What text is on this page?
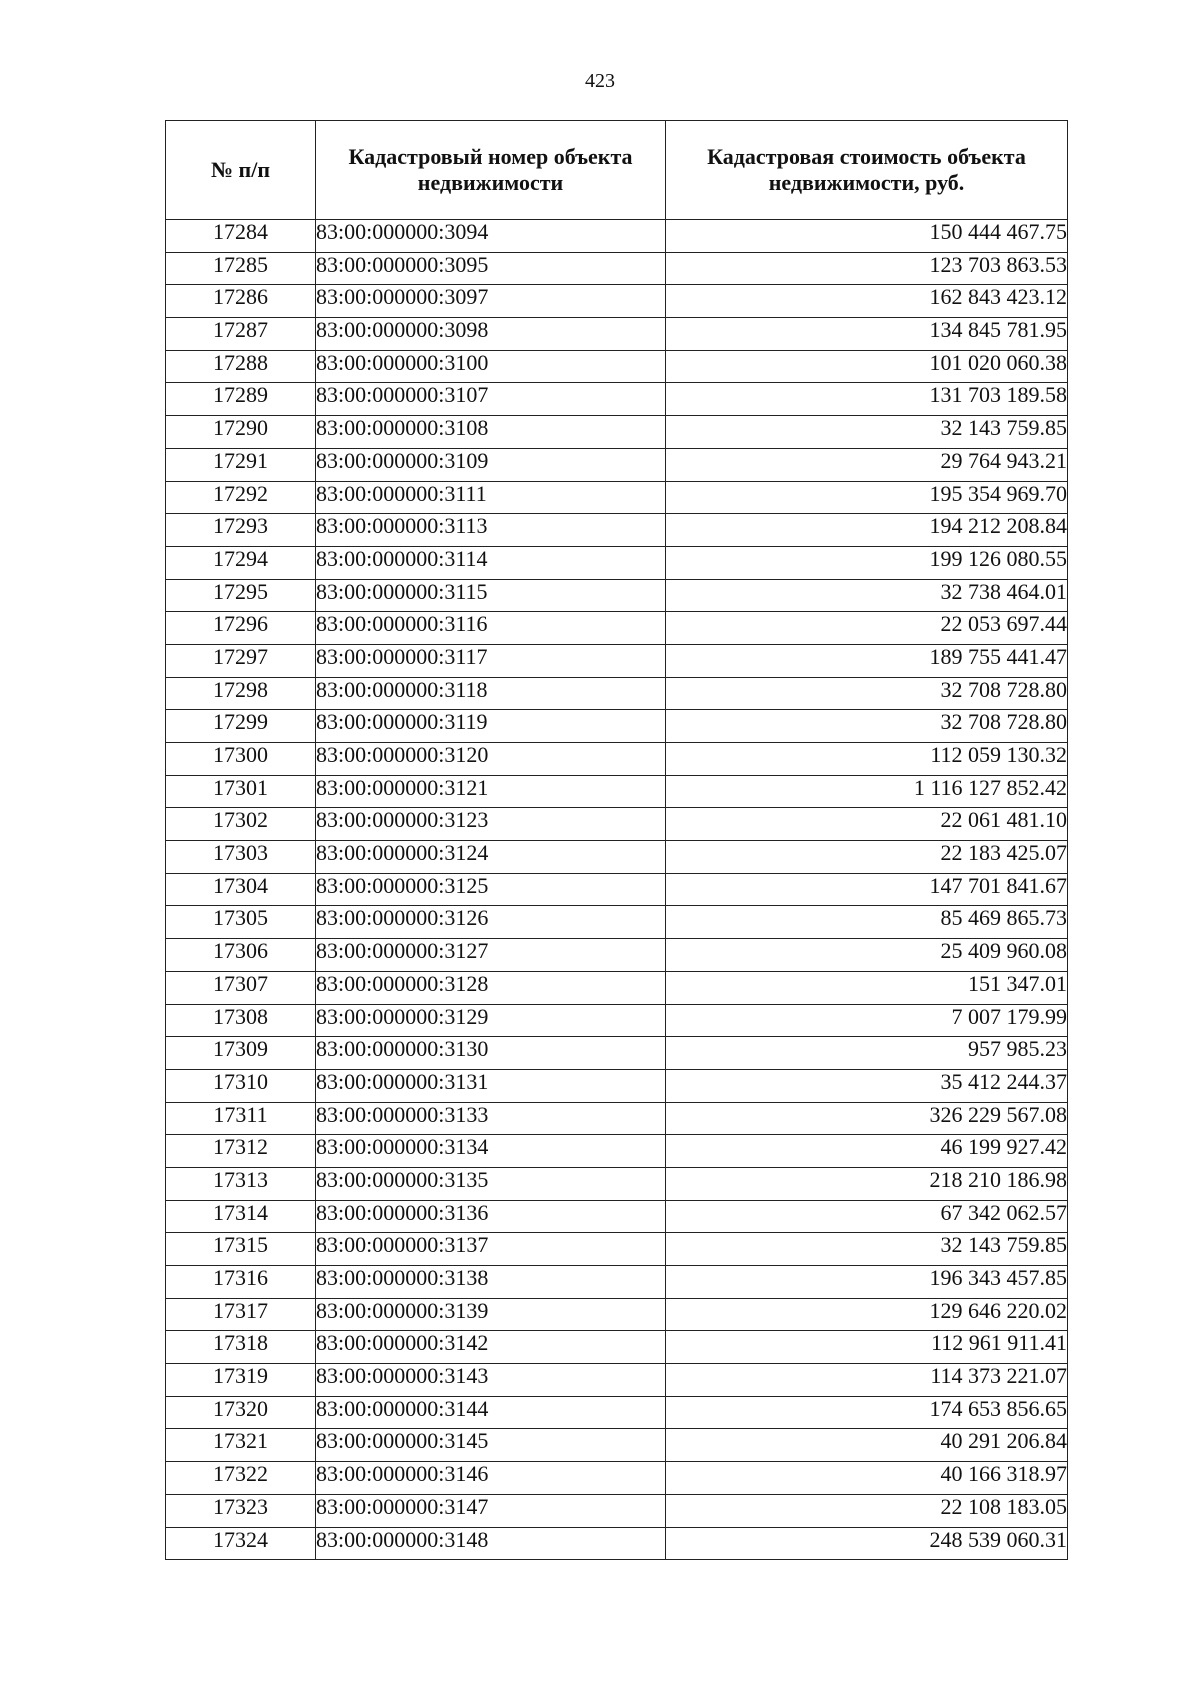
423
№ п/п	Кадастровый номер объекта недвижимости	Кадастровая стоимость объекта недвижимости, руб.
17284	83:00:000000:3094	150 444 467.75
17285	83:00:000000:3095	123 703 863.53
17286	83:00:000000:3097	162 843 423.12
17287	83:00:000000:3098	134 845 781.95
17288	83:00:000000:3100	101 020 060.38
17289	83:00:000000:3107	131 703 189.58
17290	83:00:000000:3108	32 143 759.85
17291	83:00:000000:3109	29 764 943.21
17292	83:00:000000:3111	195 354 969.70
17293	83:00:000000:3113	194 212 208.84
17294	83:00:000000:3114	199 126 080.55
17295	83:00:000000:3115	32 738 464.01
17296	83:00:000000:3116	22 053 697.44
17297	83:00:000000:3117	189 755 441.47
17298	83:00:000000:3118	32 708 728.80
17299	83:00:000000:3119	32 708 728.80
17300	83:00:000000:3120	112 059 130.32
17301	83:00:000000:3121	1 116 127 852.42
17302	83:00:000000:3123	22 061 481.10
17303	83:00:000000:3124	22 183 425.07
17304	83:00:000000:3125	147 701 841.67
17305	83:00:000000:3126	85 469 865.73
17306	83:00:000000:3127	25 409 960.08
17307	83:00:000000:3128	151 347.01
17308	83:00:000000:3129	7 007 179.99
17309	83:00:000000:3130	957 985.23
17310	83:00:000000:3131	35 412 244.37
17311	83:00:000000:3133	326 229 567.08
17312	83:00:000000:3134	46 199 927.42
17313	83:00:000000:3135	218 210 186.98
17314	83:00:000000:3136	67 342 062.57
17315	83:00:000000:3137	32 143 759.85
17316	83:00:000000:3138	196 343 457.85
17317	83:00:000000:3139	129 646 220.02
17318	83:00:000000:3142	112 961 911.41
17319	83:00:000000:3143	114 373 221.07
17320	83:00:000000:3144	174 653 856.65
17321	83:00:000000:3145	40 291 206.84
17322	83:00:000000:3146	40 166 318.97
17323	83:00:000000:3147	22 108 183.05
17324	83:00:000000:3148	248 539 060.31
